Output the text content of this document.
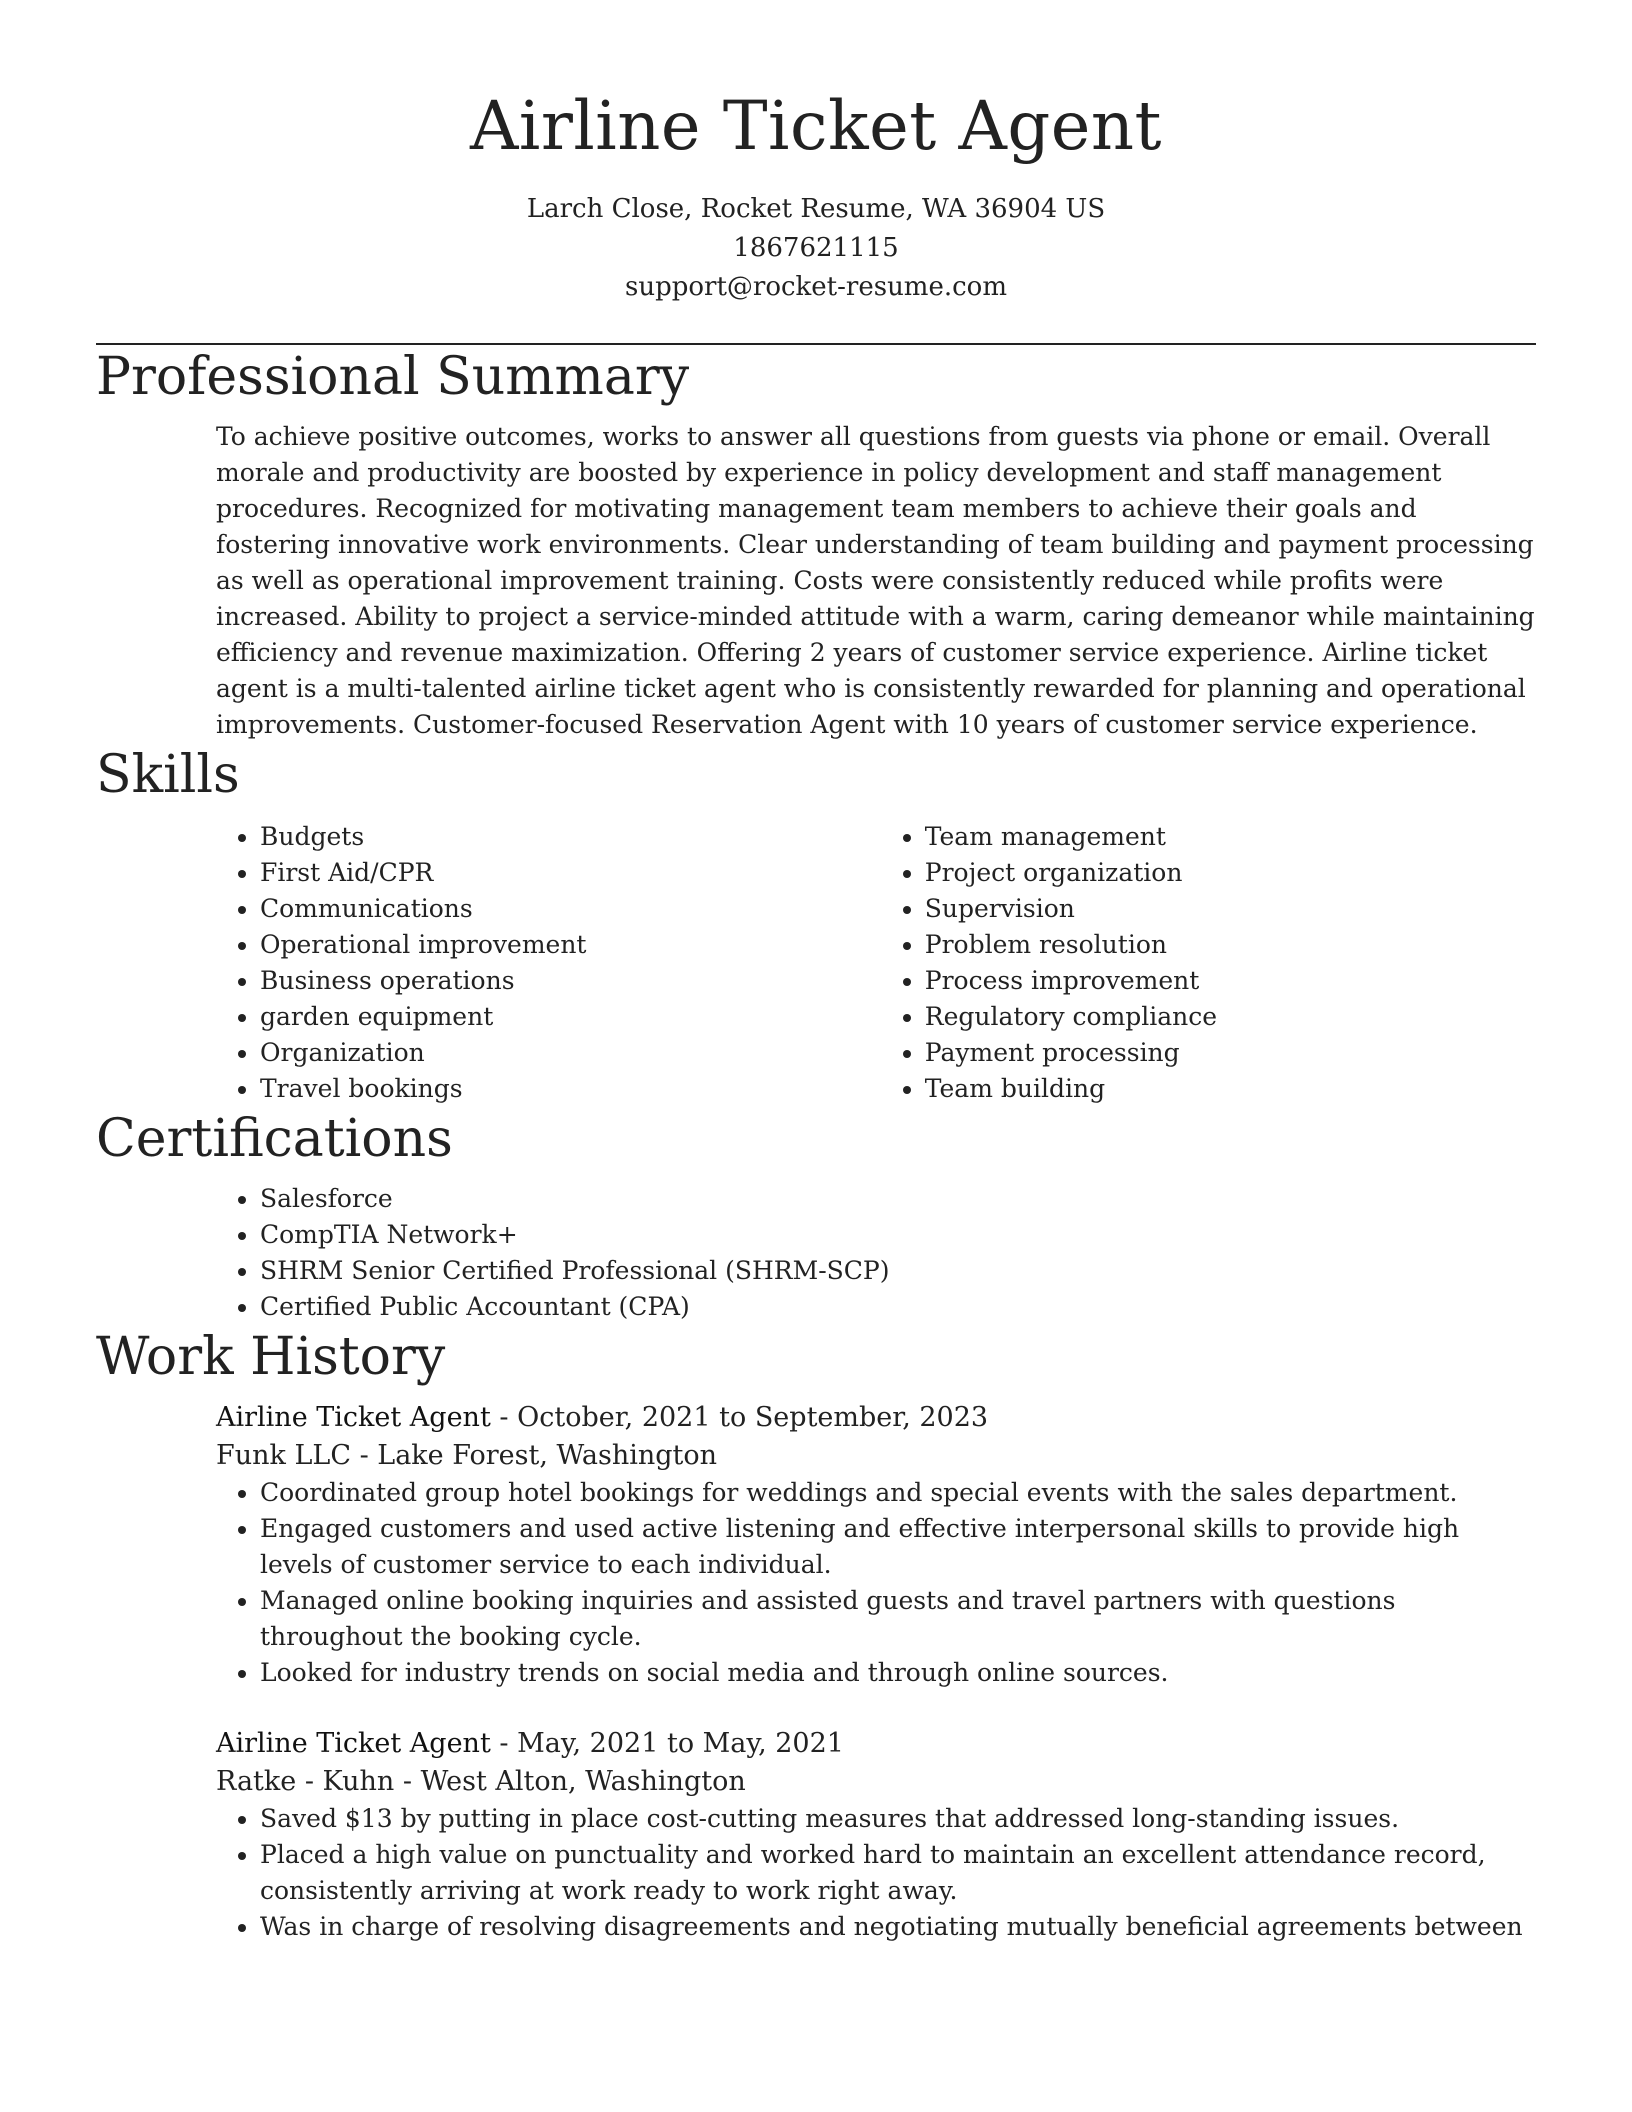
Airline Ticket Agent

Larch Close, Rocket Resume, WA 36904 US

1867621115

support@rocket-resume.com

Professional Summary

To achieve positive outcomes, works to answer all questions from guests via phone or email. Overall morale and productivity are boosted by experience in policy development and staff management procedures. Recognized for motivating management team members to achieve their goals and fostering innovative work environments. Clear understanding of team building and payment processing as well as operational improvement training. Costs were consistently reduced while profits were increased. Ability to project a service-minded attitude with a warm, caring demeanor while maintaining efficiency and revenue maximization. Offering 2 years of customer service experience. Airline ticket agent is a multi-talented airline ticket agent who is consistently rewarded for planning and operational improvements. Customer-focused Reservation Agent with 10 years of customer service experience.

Skills
• Budgets
• First Aid/CPR
• Communications
• Operational improvement
• Business operations
• garden equipment
• Organization
• Travel bookings
• Team management
• Project organization
• Supervision
• Problem resolution
• Process improvement
• Regulatory compliance
• Payment processing
• Team building
Certifications
• Salesforce
• CompTIA Network+
• SHRM Senior Certified Professional (SHRM-SCP)
• Certified Public Accountant (CPA)
Work History

Airline Ticket Agent - October, 2021 to September, 2023

Funk LLC - Lake Forest, Washington

• Coordinated group hotel bookings for weddings and special events with the sales department.
• Engaged customers and used active listening and effective interpersonal skills to provide high levels of customer service to each individual.
• Managed online booking inquiries and assisted guests and travel partners with questions throughout the booking cycle.
• Looked for industry trends on social media and through online sources.

Airline Ticket Agent - May, 2021 to May, 2021

Ratke - Kuhn - West Alton, Washington

• Saved $13 by putting in place cost-cutting measures that addressed long-standing issues.
• Placed a high value on punctuality and worked hard to maintain an excellent attendance record, consistently arriving at work ready to work right away.
• Was in charge of resolving disagreements and negotiating mutually beneficial agreements between
